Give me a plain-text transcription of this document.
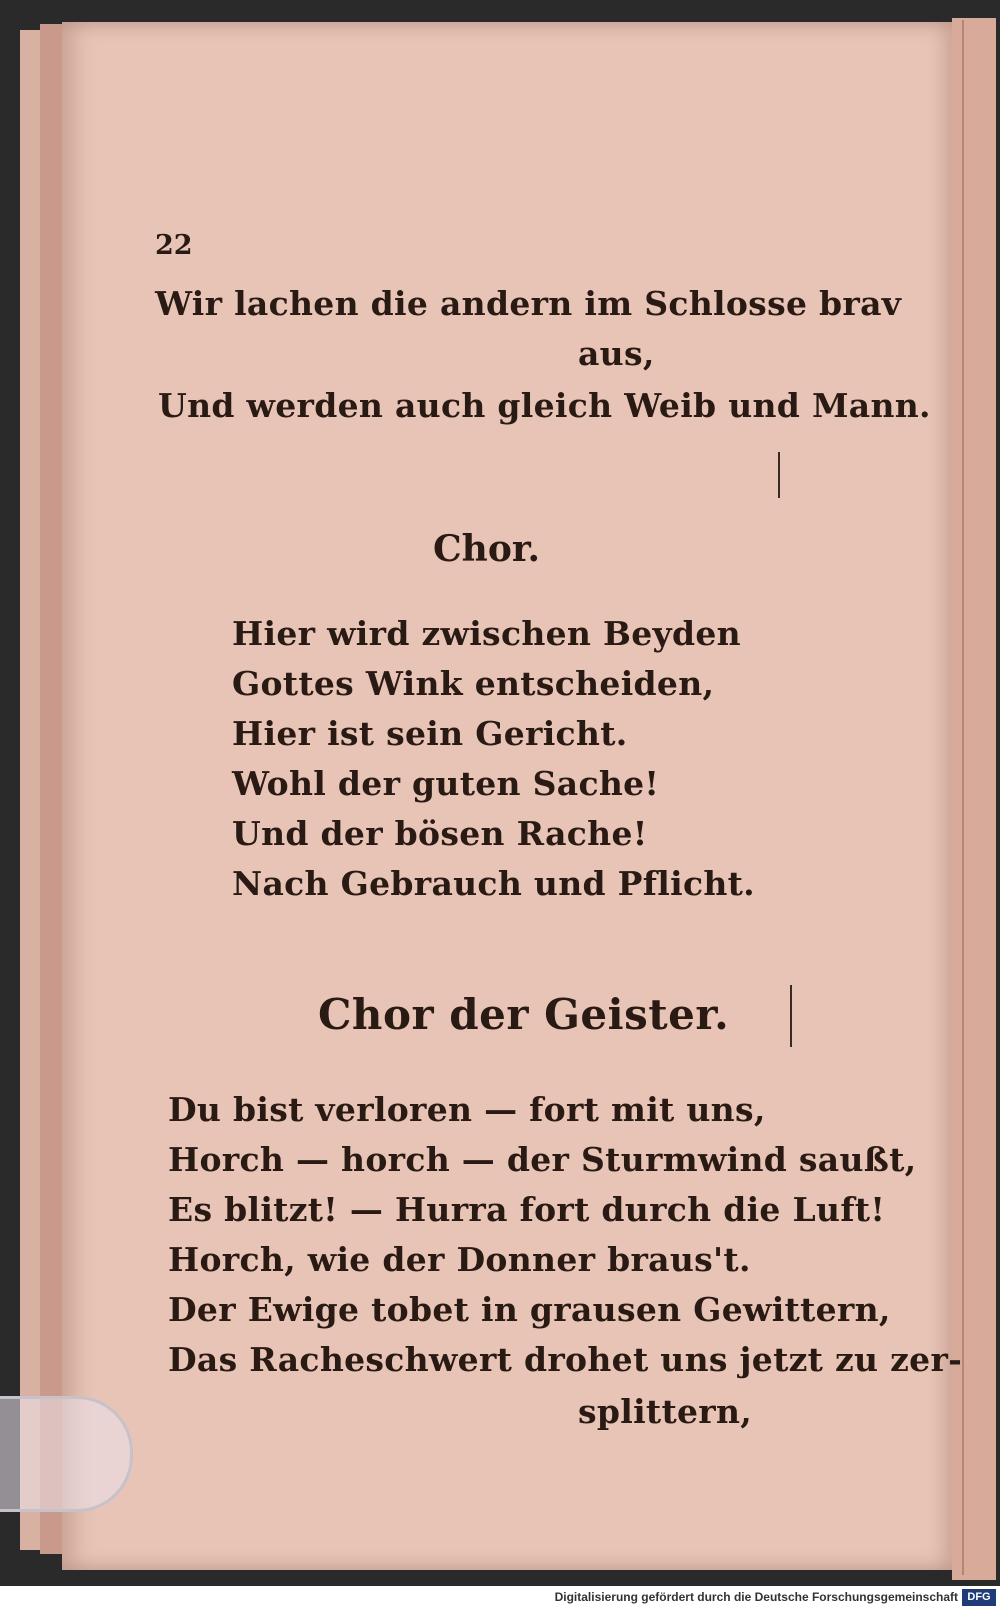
22
Wir lachen die andern im Schlosse brav
aus,
Und werden auch gleich Weib und Mann.
Chor.
Hier wird zwischen Beyden
Gottes Wink entscheiden,
Hier ist sein Gericht.
Wohl der guten Sache!
Und der bösen Rache!
Nach Gebrauch und Pflicht.
Chor der Geister.
Du bist verloren — fort mit uns,
Horch — horch — der Sturmwind saußt,
Es blitzt! — Hurra fort durch die Luft!
Horch, wie der Donner braus't.
Der Ewige tobet in grausen Gewittern,
Das Racheschwert drohet uns jetzt zu zer-
splittern,
Digitalisierung gefördert durch die Deutsche Forschungsgemeinschaft DFG
